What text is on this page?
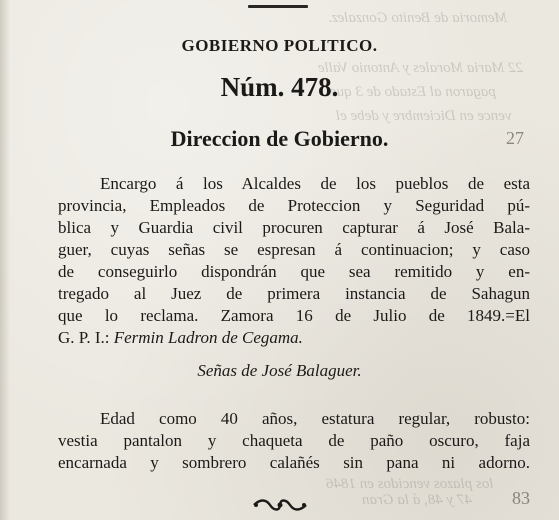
Memoria de Benito Gonzalez.
22 Maria Morales y Antonio Valle
pagaron al Estado de 3 que
vence en Diciembre y debe el
los plazos vencidos en 1846
47 y 48, á la Gran
27
83
GOBIERNO POLITICO.
Núm. 478.
Direccion de Gobierno.
Encargo á los Alcaldes de los pueblos de esta
provincia, Empleados de Proteccion y Seguridad pú-
blica y Guardia civil procuren capturar á José Bala-
guer, cuyas señas se espresan á continuacion; y caso
de conseguirlo dispondrán que sea remitido y en-
tregado al Juez de primera instancia de Sahagun
que lo reclama. Zamora 16 de Julio de 1849.=El
G. P. I.: Fermin Ladron de Cegama.
Señas de José Balaguer.
Edad como 40 años, estatura regular, robusto:
vestia pantalon y chaqueta de paño oscuro, faja
encarnada y sombrero calañés sin pana ni adorno.
